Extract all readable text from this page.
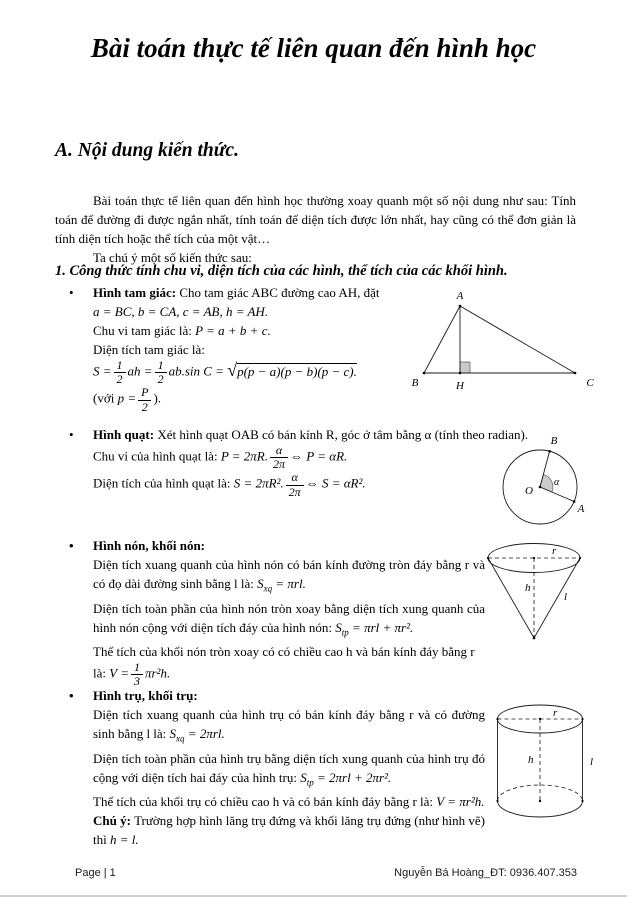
Bài toán thực tế liên quan đến hình học
A. Nội dung kiến thức.
Bài toán thực tế liên quan đến hình học thường xoay quanh một số nội dung như sau: Tính toán để đường đi được ngắn nhất, tính toán để diện tích được lớn nhất, hay cũng có thể đơn giản là tính diện tích hoặc thể tích của một vật…
Ta chú ý một số kiến thức sau:
1. Công thức tính chu vi, diện tích của các hình, thể tích của các khối hình.
• Hình tam giác: Cho tam giác ABC đường cao AH, đặt
a = BC, b = CA, c = AB, h = AH.
Chu vi tam giác là: P = a + b + c.
Diện tích tam giác là:
$S = \frac{1}{2}$ ah = $\frac{1}{2} ab.\sin$ C = √ p(p − a)(p − b)(p − c).
(với $p = \frac{P}{2}$ ).
A
B	C
H
• Hình quạt: Xét hình quạt OAB có bán kính R, góc ở tâm bằng α (tính theo radian).
Chu vi của hình quạt là: P = 2πR. $\frac{\alpha}{2\pi}$ ⇔ P = αR.
Diện tích của hình quạt là: S = 2πR². $\frac{\alpha}{2\pi}$ ⇔ S = αR².
B
A
O
α
• Hình nón, khối nón:
Diện tích xuang quanh của hình nón có bán kính đường tròn đáy bằng r và có đọ dài đường sinh bằng l là: $S_{xq} = \pi rl$.
Diện tích toàn phần của hình nón tròn xoay bằng diện tích xung quanh của hình nón cộng với diện tích đáy của hình nón: $S_{tp} = \pi rl + \pi r^2$.
Thể tích của khối nón tròn xoay có có chiều cao h và bán kính đáy bằng r
là: $V = \frac{1}{3} \pi r^2h$.
r
h
l
• Hình trụ, khối trụ:
Diện tích xuang quanh của hình trụ có bán kính đáy bằng r và có đường sinh bằng l là: $S_{xq} = 2\pi rl$.
Diện tích toàn phần của hình trụ bằng diện tích xung quanh của hình trụ đó cộng với diện tích hai đáy của hình trụ: $S_{tp} = 2\pi rl + 2\pi r^2$.
Thể tích của khối trụ có chiều cao h và có bán kính đáy bằng r là: V = πr²h.
Chú ý: Trường hợp hình lăng trụ đứng và khối lăng trụ đứng (như hình vẽ) thì h = l.
r
h	l
Page | 1	Nguyễn Bá Hoàng_ĐT: 0936.407.353
